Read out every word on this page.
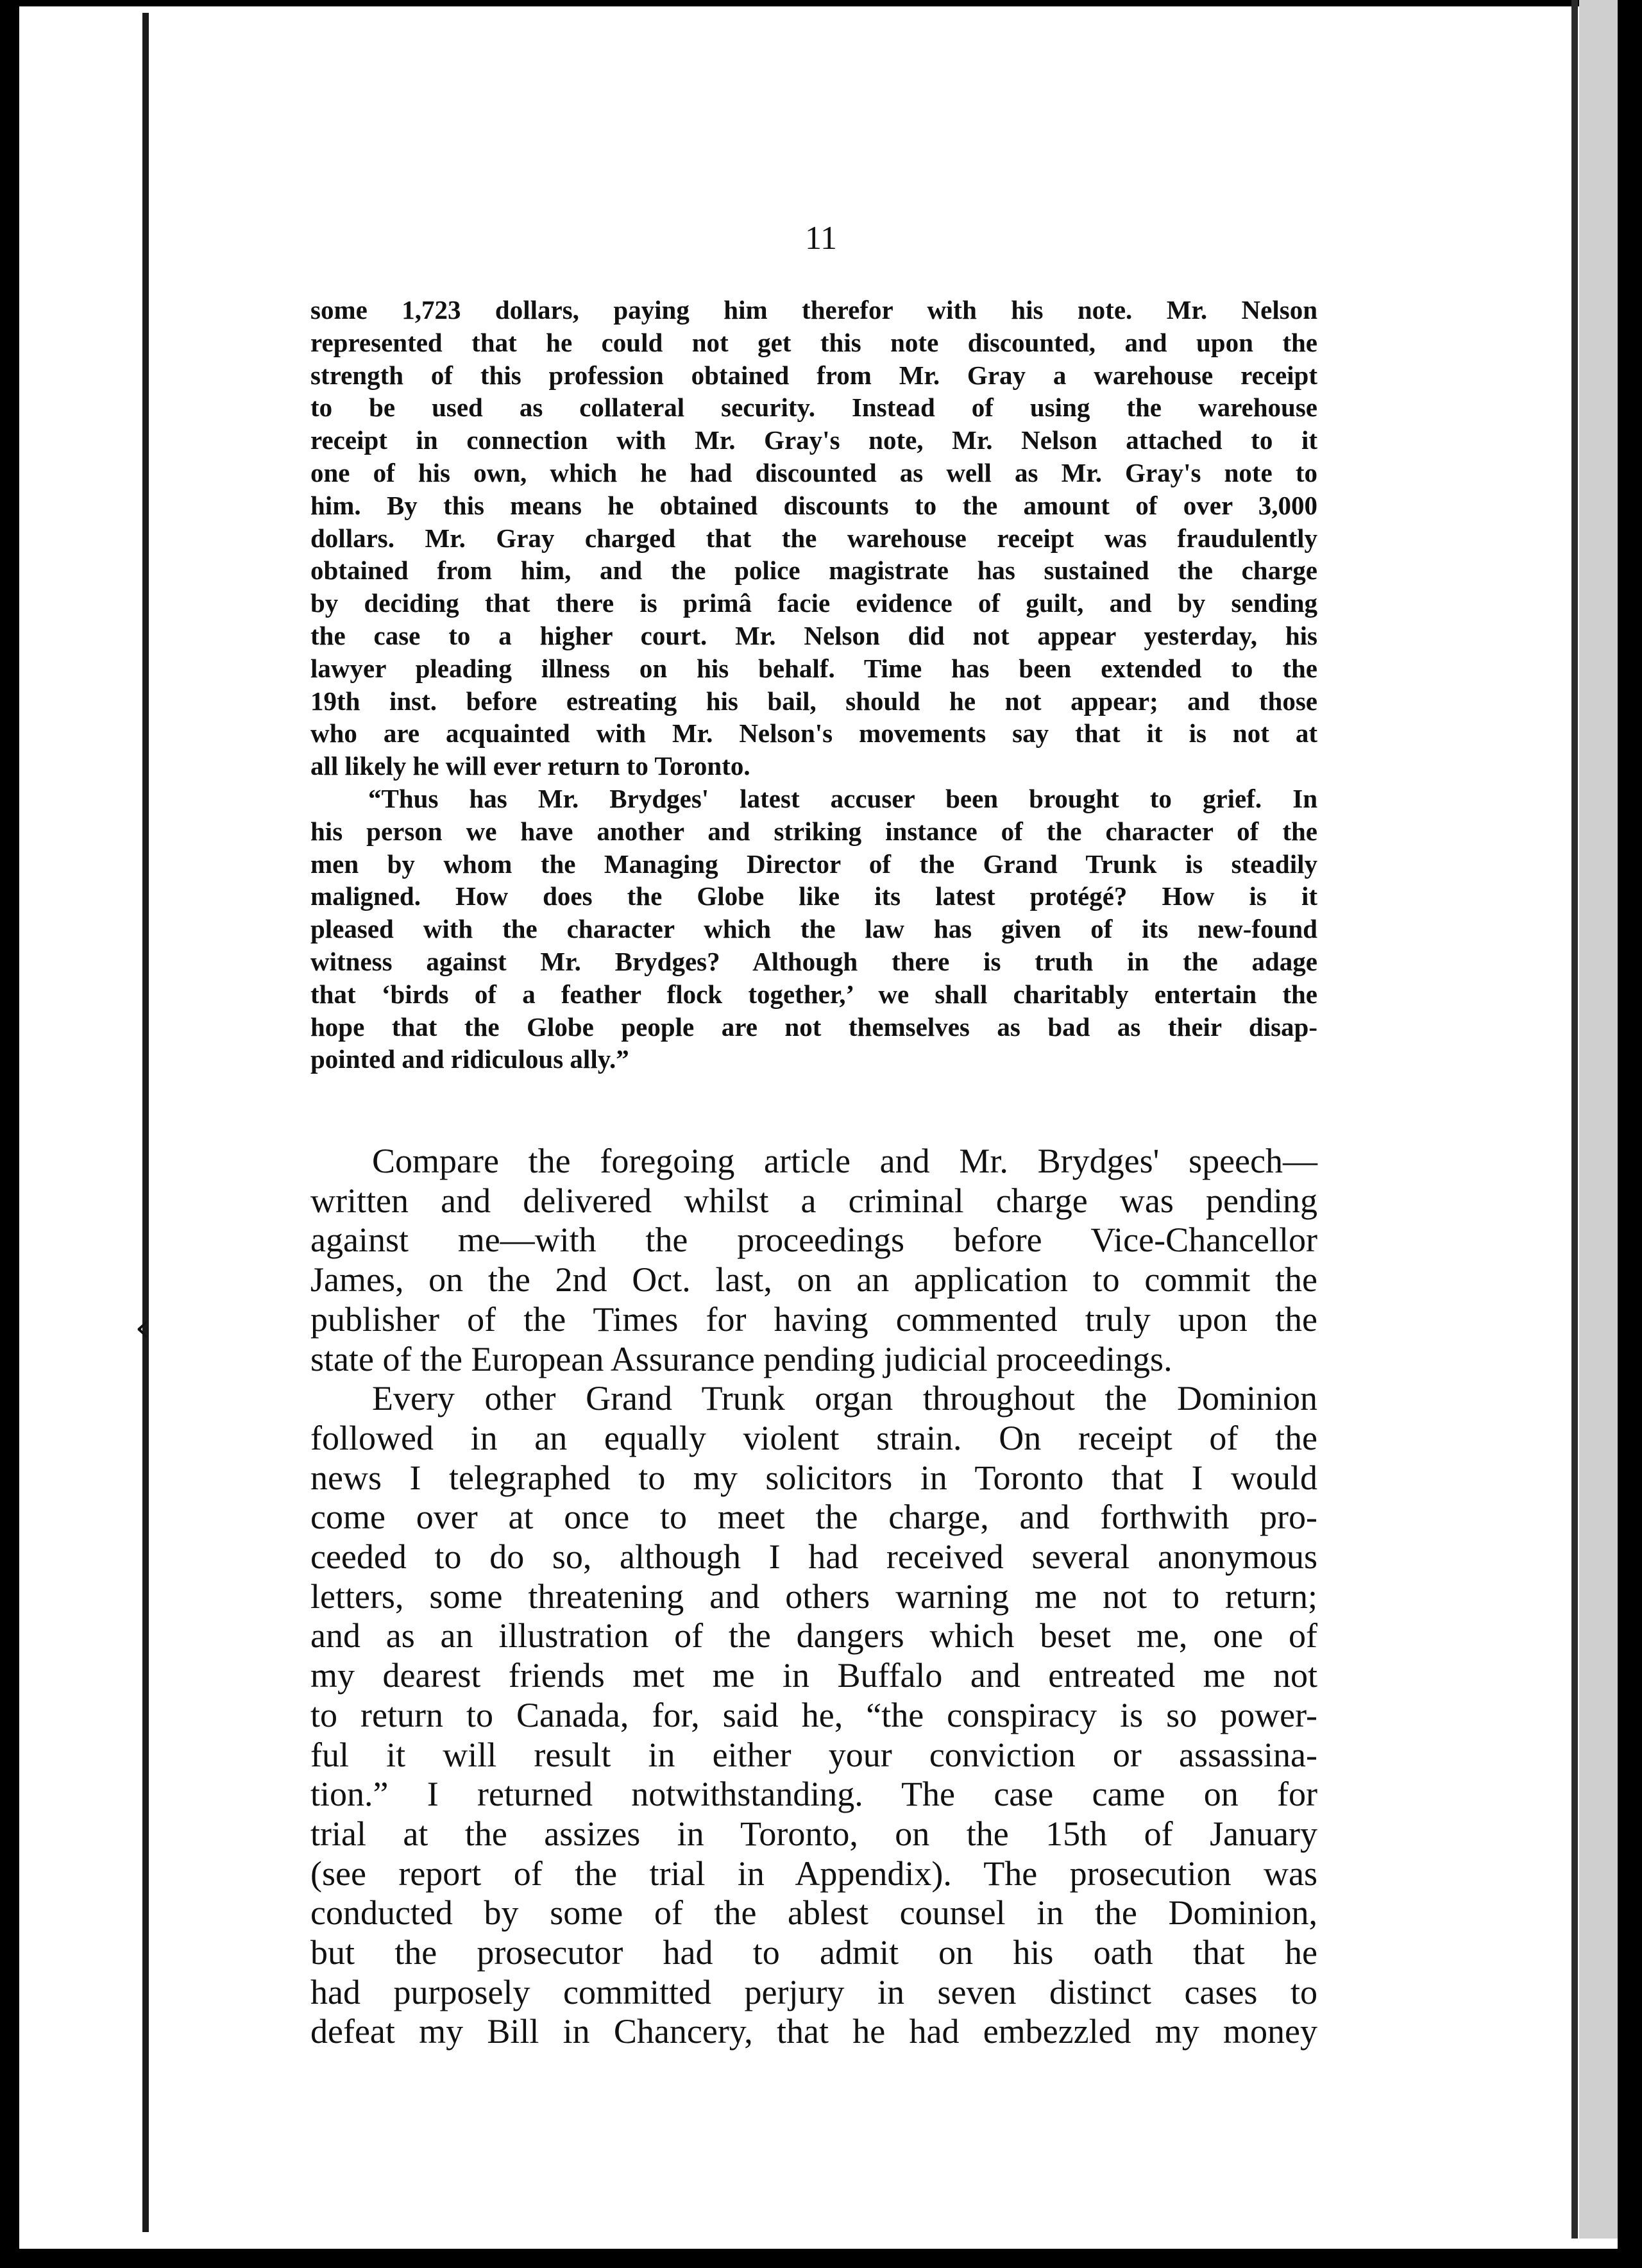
‹
11
some 1,723 dollars, paying him therefor with his note. Mr. Nelson
represented that he could not get this note discounted, and upon the
strength of this profession obtained from Mr. Gray a warehouse receipt
to be used as collateral security. Instead of using the warehouse
receipt in connection with Mr. Gray's note, Mr. Nelson attached to it
one of his own, which he had discounted as well as Mr. Gray's note to
him. By this means he obtained discounts to the amount of over 3,000
dollars. Mr. Gray charged that the warehouse receipt was fraudulently
obtained from him, and the police magistrate has sustained the charge
by deciding that there is primâ facie evidence of guilt, and by sending
the case to a higher court. Mr. Nelson did not appear yesterday, his
lawyer pleading illness on his behalf. Time has been extended to the
19th inst. before estreating his bail, should he not appear; and those
who are acquainted with Mr. Nelson's movements say that it is not at
all likely he will ever return to Toronto.
“Thus has Mr. Brydges' latest accuser been brought to grief. In
his person we have another and striking instance of the character of the
men by whom the Managing Director of the Grand Trunk is steadily
maligned. How does the Globe like its latest protégé? How is it
pleased with the character which the law has given of its new-found
witness against Mr. Brydges? Although there is truth in the adage
that ‘birds of a feather flock together,’ we shall charitably entertain the
hope that the Globe people are not themselves as bad as their disap-
pointed and ridiculous ally.”
Compare the foregoing article and Mr. Brydges' speech—
written and delivered whilst a criminal charge was pending
against me—with the proceedings before Vice-Chancellor
James, on the 2nd Oct. last, on an application to commit the
publisher of the Times for having commented truly upon the
state of the European Assurance pending judicial proceedings.
Every other Grand Trunk organ throughout the Dominion
followed in an equally violent strain. On receipt of the
news I telegraphed to my solicitors in Toronto that I would
come over at once to meet the charge, and forthwith pro-
ceeded to do so, although I had received several anonymous
letters, some threatening and others warning me not to return;
and as an illustration of the dangers which beset me, one of
my dearest friends met me in Buffalo and entreated me not
to return to Canada, for, said he, “the conspiracy is so power-
ful it will result in either your conviction or assassina-
tion.” I returned notwithstanding. The case came on for
trial at the assizes in Toronto, on the 15th of January
(see report of the trial in Appendix). The prosecution was
conducted by some of the ablest counsel in the Dominion,
but the prosecutor had to admit on his oath that he
had purposely committed perjury in seven distinct cases to
defeat my Bill in Chancery, that he had embezzled my money
